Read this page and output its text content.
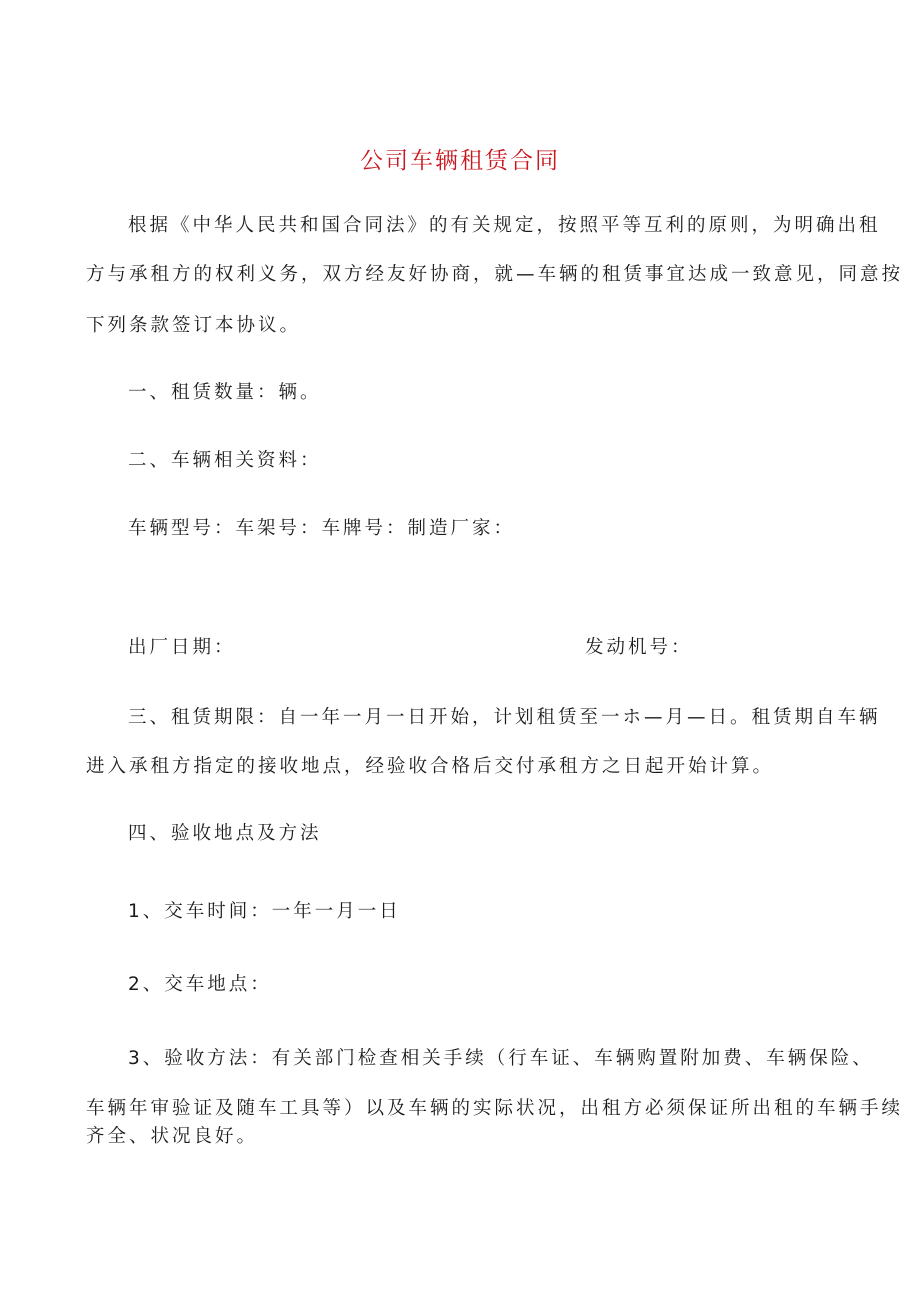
公司车辆租赁合同
根据《中华人民共和国合同法》的有关规定，按照平等互利的原则，为明确出租
方与承租方的权利义务，双方经友好协商，就—车辆的租赁事宜达成一致意见，同意按
下列条款签订本协议。
一、租赁数量：辆。
二、车辆相关资料：
车辆型号：车架号：车牌号：制造厂家：
出厂日期：	发动机号：
三、租赁期限：自一年一月一日开始，计划租赁至一ホ—月—日。租赁期自车辆
进入承租方指定的接收地点，经验收合格后交付承租方之日起开始计算。
四、验收地点及方法
1、交车时间：一年一月一日
2、交车地点：
3、验收方法：有关部门检查相关手续（行车证、车辆购置附加费、车辆保险、
车辆年审验证及随车工具等）以及车辆的实际状况，出租方必须保证所出租的车辆手续
齐全、状况良好。
